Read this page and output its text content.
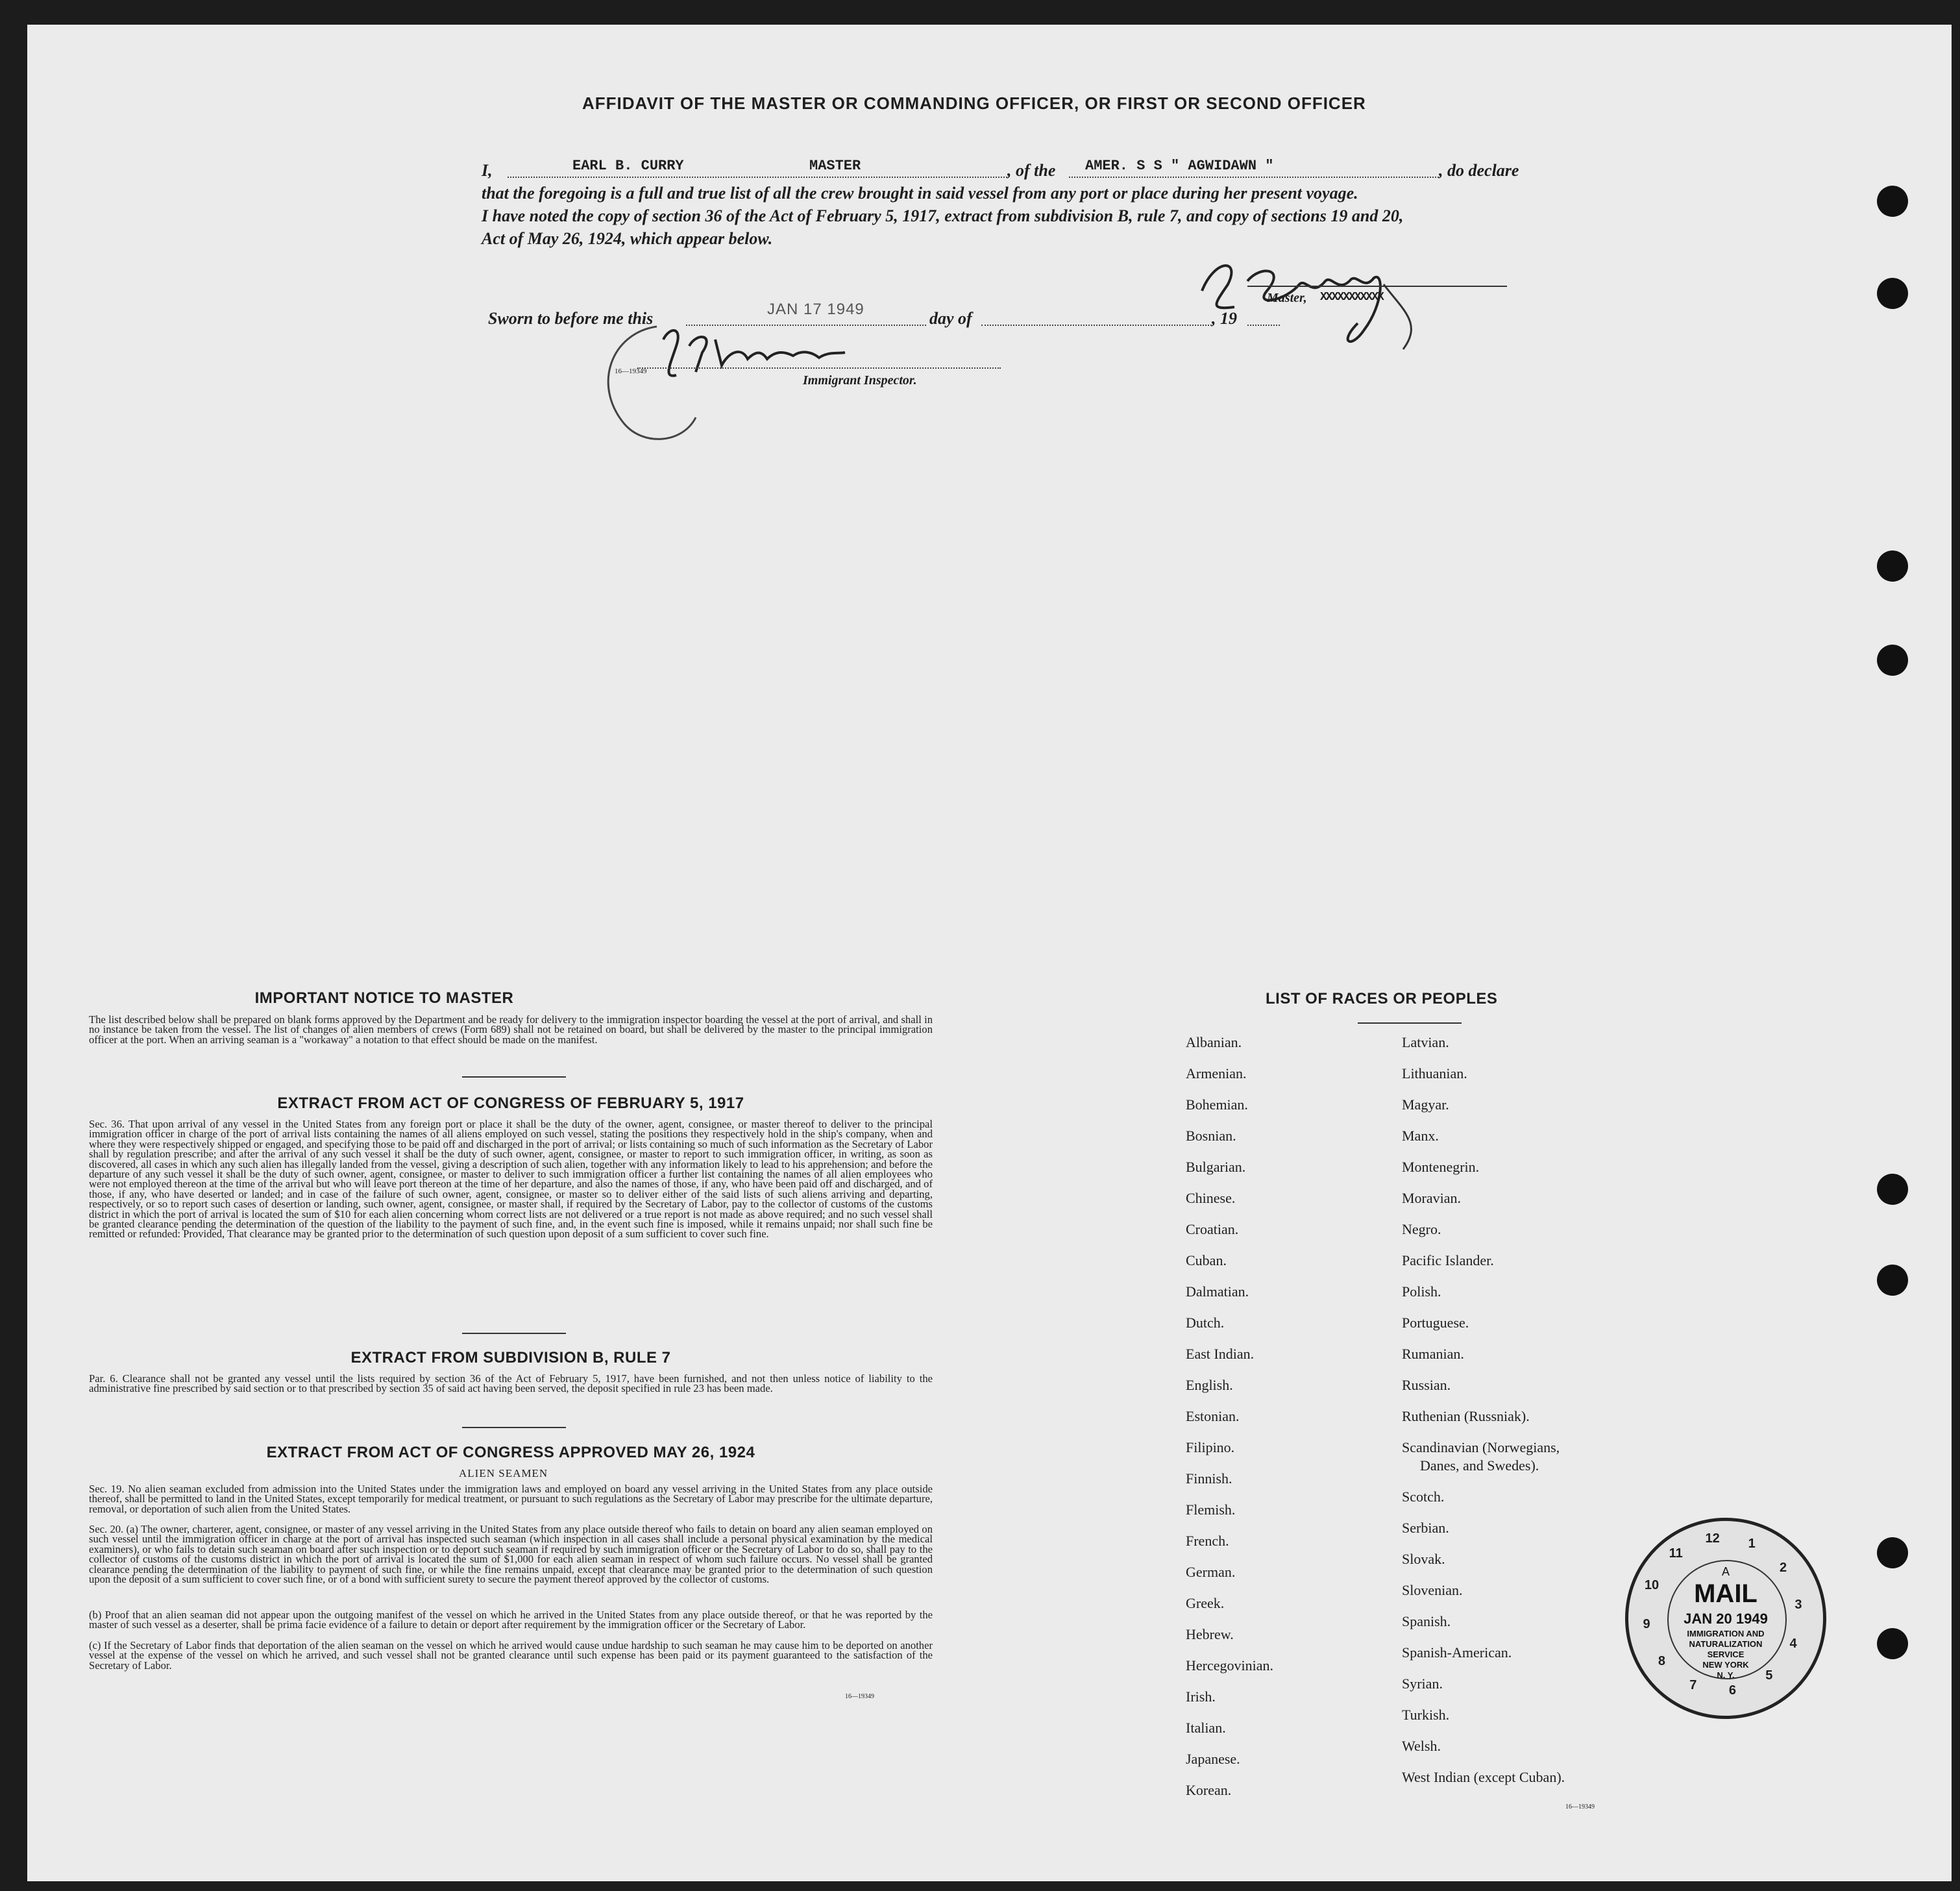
AFFIDAVIT OF THE MASTER OR COMMANDING OFFICER, OR FIRST OR SECOND OFFICER
I,	EARL B. CURRY	MASTER	, of the AMER. S S " AGWIDAWN "	, do declare
that the foregoing is a full and true list of all the crew brought in said vessel from any port or place during her present voyage.
I have noted the copy of section 36 of the Act of February 5, 1917, extract from subdivision B, rule 7, and copy of sections 19 and 20,
Act of May 26, 1924, which appear below.
Master, XXXXXXXXXXX
Sworn to before me this	JAN 17 1949	day of	, 19
16—19349
Immigrant Inspector.
IMPORTANT NOTICE TO MASTER
The list described below shall be prepared on blank forms approved by the Department and be ready for delivery to the immigration inspector boarding the vessel at the port of arrival, and shall in no instance be taken from the vessel. The list of changes of alien members of crews (Form 689) shall not be retained on board, but shall be delivered by the master to the principal immigration officer at the port. When an arriving seaman is a "workaway" a notation to that effect should be made on the manifest.
EXTRACT FROM ACT OF CONGRESS OF FEBRUARY 5, 1917
Sec. 36. That upon arrival of any vessel in the United States from any foreign port or place it shall be the duty of the owner, agent, consignee, or master thereof to deliver to the principal immigration officer in charge of the port of arrival lists containing the names of all aliens employed on such vessel, stating the positions they respectively hold in the ship's company, when and where they were respectively shipped or engaged, and specifying those to be paid off and discharged in the port of arrival; or lists containing so much of such information as the Secretary of Labor shall by regulation prescribe; and after the arrival of any such vessel it shall be the duty of such owner, agent, consignee, or master to report to such immigration officer, in writing, as soon as discovered, all cases in which any such alien has illegally landed from the vessel, giving a description of such alien, together with any information likely to lead to his apprehension; and before the departure of any such vessel it shall be the duty of such owner, agent, consignee, or master to deliver to such immigration officer a further list containing the names of all alien employees who were not employed thereon at the time of the arrival but who will leave port thereon at the time of her departure, and also the names of those, if any, who have been paid off and discharged, and of those, if any, who have deserted or landed; and in case of the failure of such owner, agent, consignee, or master so to deliver either of the said lists of such aliens arriving and departing, respectively, or so to report such cases of desertion or landing, such owner, agent, consignee, or master shall, if required by the Secretary of Labor, pay to the collector of customs of the customs district in which the port of arrival is located the sum of $10 for each alien concerning whom correct lists are not delivered or a true report is not made as above required; and no such vessel shall be granted clearance pending the determination of the question of the liability to the payment of such fine, and, in the event such fine is imposed, while it remains unpaid; nor shall such fine be remitted or refunded: Provided, That clearance may be granted prior to the determination of such question upon deposit of a sum sufficient to cover such fine.
EXTRACT FROM SUBDIVISION B, RULE 7
Par. 6. Clearance shall not be granted any vessel until the lists required by section 36 of the Act of February 5, 1917, have been furnished, and not then unless notice of liability to the administrative fine prescribed by said section or to that prescribed by section 35 of said act having been served, the deposit specified in rule 23 has been made.
EXTRACT FROM ACT OF CONGRESS APPROVED MAY 26, 1924
ALIEN SEAMEN
Sec. 19. No alien seaman excluded from admission into the United States under the immigration laws and employed on board any vessel arriving in the United States from any place outside thereof, shall be permitted to land in the United States, except temporarily for medical treatment, or pursuant to such regulations as the Secretary of Labor may prescribe for the ultimate departure, removal, or deportation of such alien from the United States.
Sec. 20. (a) The owner, charterer, agent, consignee, or master of any vessel arriving in the United States from any place outside thereof who fails to detain on board any alien seaman employed on such vessel until the immigration officer in charge at the port of arrival has inspected such seaman (which inspection in all cases shall include a personal physical examination by the medical examiners), or who fails to detain such seaman on board after such inspection or to deport such seaman if required by such immigration officer or the Secretary of Labor to do so, shall pay to the collector of customs of the customs district in which the port of arrival is located the sum of $1,000 for each alien seaman in respect of whom such failure occurs. No vessel shall be granted clearance pending the determination of the liability to payment of such fine, or while the fine remains unpaid, except that clearance may be granted prior to the determination of such question upon the deposit of a sum sufficient to cover such fine, or of a bond with sufficient surety to secure the payment thereof approved by the collector of customs.
(b) Proof that an alien seaman did not appear upon the outgoing manifest of the vessel on which he arrived in the United States from any place outside thereof, or that he was reported by the master of such vessel as a deserter, shall be prima facie evidence of a failure to detain or deport after requirement by the immigration officer or the Secretary of Labor.
(c) If the Secretary of Labor finds that deportation of the alien seaman on the vessel on which he arrived would cause undue hardship to such seaman he may cause him to be deported on another vessel at the expense of the vessel on which he arrived, and such vessel shall not be granted clearance until such expense has been paid or its payment guaranteed to the satisfaction of the Secretary of Labor.
16—19349
LIST OF RACES OR PEOPLES
16—19349
A
MAIL
JAN 20 1949
IMMIGRATION AND
NATURALIZATION
SERVICE
NEW YORK
N. Y.
1
2
3
4
5
6
7
8
9
10
11
12
Albanian.
Armenian.
Bohemian.
Bosnian.
Bulgarian.
Chinese.
Croatian.
Cuban.
Dalmatian.
Dutch.
East Indian.
English.
Estonian.
Filipino.
Finnish.
Flemish.
French.
German.
Greek.
Hebrew.
Hercegovinian.
Irish.
Italian.
Japanese.
Korean.
Latvian.
Lithuanian.
Magyar.
Manx.
Montenegrin.
Moravian.
Negro.
Pacific Islander.
Polish.
Portuguese.
Rumanian.
Russian.
Ruthenian (Russniak).
Scandinavian (Norwegians,
Danes, and Swedes).
Scotch.
Serbian.
Slovak.
Slovenian.
Spanish.
Spanish-American.
Syrian.
Turkish.
Welsh.
West Indian (except Cuban).
